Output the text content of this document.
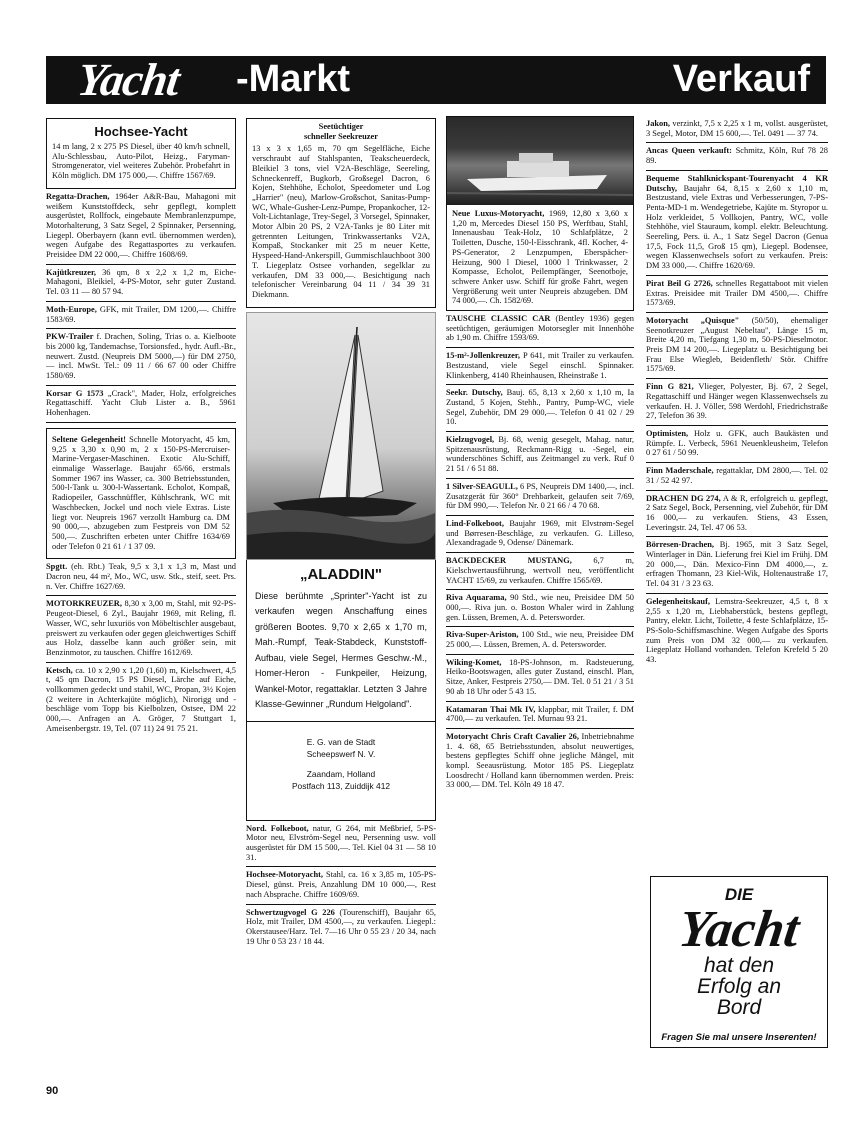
Yacht -Markt	Verkauf
Hochsee-Yacht
14 m lang, 2 x 275 PS Diesel, über 40 km/h schnell, Alu-Schlessbau, Auto-Pilot, Heizg., Faryman-Stromgenerator, viel weiteres Zubehör. Probefahrt in Köln möglich. DM 175 000,—. Chiffre 1567/69.
Regatta-Drachen, 1964er A&R-Bau, Mahagoni mit weißem Kunststoffdeck, sehr gepflegt, komplett ausgerüstet, Rollfock, eingebaute Membranlenzpumpe, Motorhalterung, 3 Satz Segel, 2 Spinnaker, Persenning, Liegepl. Oberbayern (kann evtl. übernommen werden), wegen Aufgabe des Regattasportes zu verkaufen. Preisidee DM 22 000,—. Chiffre 1608/69.
Kajütkreuzer, 36 qm, 8 x 2,2 x 1,2 m, Eiche-Mahagoni, Bleikiel, 4-PS-Motor, sehr guter Zustand. Tel. 03 11 — 80 57 94.
Moth-Europe, GFK, mit Trailer, DM 1200,—. Chiffre 1583/69.
PKW-Trailer f. Drachen, Soling, Trias o. a. Kielboote bis 2000 kg, Tandemachse, Torsionsfed., hydr. Aufl.-Br., neuwert. Zustd. (Neupreis DM 5000,—) für DM 2750,— incl. MwSt. Tel.: 09 11 / 66 67 00 oder Chiffre 1580/69.
Korsar G 1573 „Crack", Mader, Holz, erfolgreiches Regattaschiff. Yacht Club Lister a. B., 5961 Hohenhagen.
Seltene Gelegenheit! Schnelle Motoryacht, 45 km, 9,25 x 3,30 x 0,90 m, 2 x 150-PS-Mercruiser-Marine-Vergaser-Maschinen. Exotic Alu-Schiff, einmalige Wasserlage. Baujahr 65/66, erstmals Sommer 1967 ins Wasser, ca. 300 Betriebsstunden, 500-l-Tank u. 300-l-Wassertank. Echolot, Kompaß, Radiopeiler, Gasschnüffler, Kühlschrank, WC mit Waschbecken, Jockel und noch viele Extras. Liste liegt vor. Neupreis 1967 verzollt Hamburg ca. DM 90 000,—, abzugeben zum Festpreis von DM 52 500,—. Zuschriften erbeten unter Chiffre 1634/69 oder Telefon 0 21 61 / 1 37 09.
Spgtt. (eh. Rbt.) Teak, 9,5 x 3,1 x 1,3 m, Mast und Dacron neu, 44 m², Mo., WC, usw. Stk., steif, seet. Prs. n. Ver. Chiffre 1627/69.
MOTORKREUZER, 8,30 x 3,00 m, Stahl, mit 92-PS-Peugeot-Diesel, 6 Zyl., Baujahr 1969, mit Reling, fl. Wasser, WC, sehr luxuriös von Möbeltischler ausgebaut, preiswert zu verkaufen oder gegen gleichwertiges Schiff aus Holz, dasselbe kann auch größer sein, mit Benzinmotor, zu tauschen. Chiffre 1612/69.
Ketsch, ca. 10 x 2,90 x 1,20 (1,60) m, Kielschwert, 4,5 t, 45 qm Dacron, 15 PS Diesel, Lärche auf Eiche, vollkommen gedeckt und stahil, WC, Propan, 3½ Kojen (2 weitere in Achterkajüte möglich), Nirorigg und -beschläge vom Topp bis Kielbolzen, Ostsee, DM 22 000,—. Anfragen an A. Gröger, 7 Stuttgart 1, Ameisenbergstr. 19, Tel. (07 11) 24 91 75 21.
Seetüchtiger
schneller Seekreuzer
13 x 3 x 1,65 m, 70 qm Segelfläche, Eiche verschraubt auf Stahlspanten, Teakscheuerdeck, Bleikiel 3 tons, viel V2A-Beschläge, Seereling, Schneckenreff, Bugkorb, Großsegel Dacron, 6 Kojen, Stehhöhe, Echolot, Speedometer und Log „Harrier" (neu), Marlow-Großschot, Sanitas-Pump-WC, Whale-Gusher-Lenz-Pumpe, Propankocher, 12-Volt-Lichtanlage, Trey-Segel, 3 Vorsegel, Spinnaker, Motor Albin 20 PS, 2 V2A-Tanks je 80 Liter mit getrennten Leitungen, Trinkwassertanks V2A, Kompaß, Stockanker mit 25 m neuer Kette, Hyspeed-Hand-Ankerspill, Gummischlauchboot 300 T. Liegeplatz Ostsee vorhanden, segelklar zu verkaufen, DM 33 000,—. Besichtigung nach telefonischer Vereinbarung 04 11 / 34 39 31 Diekmann.
„ALADDIN"
Diese berühmte „Sprinter"-Yacht ist zu verkaufen wegen Anschaffung eines größeren Bootes. 9,70 x 2,65 x 1,70 m, Mah.-Rumpf, Teak-Stabdeck, Kunststoff-Aufbau, viele Segel, Hermes Geschw.-M., Homer-Heron - Funkpeiler, Heizung, Wankel-Motor, regattaklar. Letzten 3 Jahre Klasse-Gewinner „Rundum Helgoland".
E. G. van de Stadt
Scheepswerf N. V.
Zaandam, Holland
Postfach 113, Zuiddijk 412
Nord. Folkeboot, natur, G 264, mit Meßbrief, 5-PS-Motor neu, Elvström-Segel neu, Persenning usw. voll ausgerüstet für DM 15 500,—. Tel. Kiel 04 31 — 58 10 31.
Hochsee-Motoryacht, Stahl, ca. 16 x 3,85 m, 105-PS-Diesel, günst. Preis, Anzahlung DM 10 000,—, Rest nach Absprache. Chiffre 1609/69.
Schwertzugvogel G 226 (Tourenschiff), Baujahr 65, Holz, mit Trailer, DM 4500,—, zu verkaufen. Liegepl.: Okerstausee/Harz. Tel. 7—16 Uhr 0 55 23 / 20 34, nach 19 Uhr 0 53 23 / 18 44.
Neue Luxus-Motoryacht, 1969, 12,80 x 3,60 x 1,20 m, Mercedes Diesel 150 PS, Werftbau, Stahl, Innenausbau Teak-Holz, 10 Schlafplätze, 2 Toiletten, Dusche, 150-l-Eisschrank, 4fl. Kocher, 4-PS-Generator, 2 Lenzpumpen, Eberspächer-Heizung, 900 l Diesel, 1000 l Trinkwasser, 2 Kompasse, Echolot, Peilempfänger, Seenotboje, schwere Anker usw. Schiff für große Fahrt, wegen Vergrößerung weit unter Neupreis abzugeben. DM 74 000,—. Ch. 1582/69.
TAUSCHE CLASSIC CAR (Bentley 1936) gegen seetüchtigen, geräumigen Motorsegler mit Innenhöhe ab 1,90 m. Chiffre 1593/69.
15-m²-Jollenkreuzer, P 641, mit Trailer zu verkaufen. Bestzustand, viele Segel einschl. Spinnaker. Klinkenberg, 4140 Rheinhausen, Rheinstraße 1.
Seekr. Dutschy, Bauj. 65, 8,13 x 2,60 x 1,10 m, Ia Zustand, 5 Kojen, Stehh., Pantry, Pump-WC, viele Segel, Zubehör, DM 29 000,—. Telefon 0 41 02 / 29 10.
Kielzugvogel, Bj. 68, wenig gesegelt, Mahag. natur, Spitzenausrüstung, Reckmann-Rigg u. -Segel, ein wunderschönes Schiff, aus Zeitmangel zu verk. Ruf 0 21 51 / 6 51 88.
1 Silver-SEAGULL, 6 PS, Neupreis DM 1400,—, incl. Zusatzgerät für 360° Drehbarkeit, gelaufen seit 7/69, für DM 990,—. Telefon Nr. 0 21 66 / 4 70 68.
Lind-Folkeboot, Baujahr 1969, mit Elvstrøm-Segel und Børresen-Beschläge, zu verkaufen. G. Lilleso, Alexandragade 9, Odense/ Dänemark.
BACKDECKER MUSTANG,	6,7 m, Kielschwertausführung, wertvoll neu, veröffentlicht YACHT 15/69, zu verkaufen. Chiffre 1565/69.
Riva Aquarama, 90 Std., wie neu, Preisidee DM 50 000,—. Riva jun. o. Boston Whaler wird in Zahlung gen. Lüssen, Bremen, A. d. Petersworder.
Riva-Super-Ariston, 100 Std., wie neu, Preisidee DM 25 000,—. Lüssen, Bremen, A. d. Petersworder.
Wiking-Komet, 18-PS-Johnson, m. Radsteuerung, Heiko-Bootswagen, alles guter Zustand, einschl. Plan, Sitze, Anker, Festpreis 2750,— DM. Tel. 0 51 21 / 3 51 90 ab 18 Uhr oder 5 43 15.
Katamaran Thai Mk IV, klappbar, mit Trailer, f. DM 4700,— zu verkaufen. Tel. Murnau 93 21.
Motoryacht Chris Craft Cavalier 26, Inbetriebnahme 1. 4. 68, 65 Betriebsstunden, absolut neuwertiges, bestens gepflegtes Schiff ohne jegliche Mängel, mit kompl. Seeausrüstung. Motor 185 PS. Liegeplatz Loosdrecht / Holland kann übernommen werden. Preis: 33 000,— DM. Tel. Köln 49 18 47.
Jakon, verzinkt, 7,5 x 2,25 x 1 m, vollst. ausgerüstet, 3 Segel, Motor, DM 15 600,—. Tel. 0491 — 37 74.
Ancas Queen verkauft: Schmitz, Köln, Ruf 78 28 89.
Bequeme Stahlknickspant-Tourenyacht 4 KR Dutschy, Baujahr 64, 8,15 x 2,60 x 1,10 m, Bestzustand, viele Extras und Verbesserungen, 7-PS-Penta-MD-1 m. Wendegetriebe, Kajüte m. Styropor u. Holz verkleidet, 5 Vollkojen, Pantry, WC, volle Stehhöhe, viel Stauraum, kompl. elektr. Beleuchtung. Seereling, Pers. ü. A., 1 Satz Segel Dacron (Genua 17,5, Fock 11,5, Groß 15 qm), Liegepl. Bodensee, wegen Klassenwechsels sofort zu verkaufen. Preis: DM 33 000,—. Chiffre 1620/69.
Pirat Beil G 2726, schnelles Regattaboot mit vielen Extras. Preisidee mit Trailer DM 4500,—. Chiffre 1573/69.
Motoryacht „Quisque" (50/50), ehemaliger Seenotkreuzer „August Nebeltau", Länge 15 m, Breite 4,20 m, Tiefgang 1,30 m, 50-PS-Dieselmotor. Preis DM 14 200,—. Liegeplatz u. Besichtigung bei Frau Else Wiegleb, Beidenfleth/ Stör. Chiffre 1575/69.
Finn G 821, Vlieger, Polyester, Bj. 67, 2 Segel, Regattaschiff und Hänger wegen Klassenwechsels zu verkaufen. H. J. Völler, 598 Werdohl, Friedrichstraße 27, Telefon 36 39.
Optimisten, Holz u. GFK, auch Baukästen und Rümpfe. L. Verbeck, 5961 Neuenkleusheim, Telefon 0 27 61 / 50 99.
Finn Maderschale, regattaklar, DM 2800,—. Tel. 02 31 / 52 42 97.
DRACHEN DG 274, A & R, erfolgreich u. gepflegt, 2 Satz Segel, Bock, Persenning, viel Zubehör, für DM 16 000,— zu verkaufen. Stiens, 43 Essen, Leveringstr. 24, Tel. 47 06 53.
Börresen-Drachen, Bj. 1965, mit 3 Satz Segel, Winterlager in Dän. Lieferung frei Kiel im Frühj. DM 20 000,—, Dän. Mexico-Finn DM 4000,—, z. erfragen Thomann, 23 Kiel-Wik, Holtenaustraße 17, Tel. 04 31 / 3 23 63.
Gelegenheitskauf, Lemstra-Seekreuzer, 4,5 t, 8 x 2,55 x 1,20 m, Liebhaberstück, bestens gepflegt, Pantry, elektr. Licht, Toilette, 4 feste Schlafplätze, 15-PS-Solo-Schiffsmaschine. Wegen Aufgabe des Sports zum Preis von DM 32 000,— zu verkaufen. Liegeplatz Holland vorhanden. Telefon Krefeld 5 20 43.
DIE
Yacht
hat den
Erfolg an
Bord
Fragen Sie mal unsere Inserenten!
90
